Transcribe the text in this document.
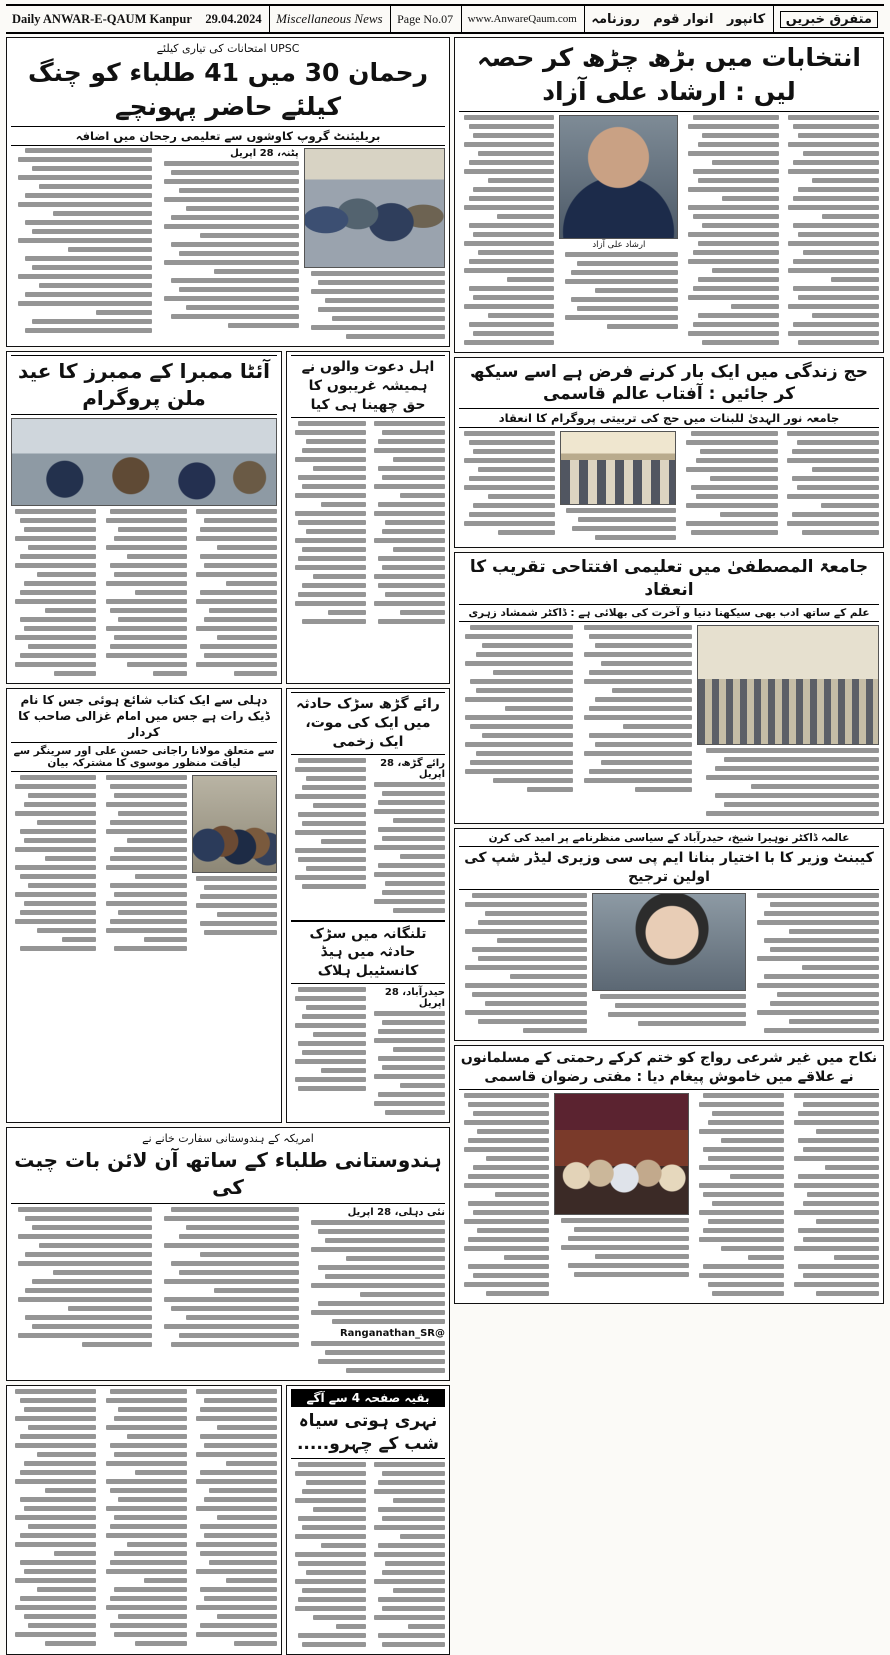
Daily ANWAR-E-QAUM Kanpur	29.04.2024	Miscellaneous News	Page No.07	www.AnwareQaum.com	روزنامہ	انوار قوم	کانپور	متفرق خبریں
UPSC امتحانات کی تیاری کیلئے
رحمان 30 میں 41 طلباء کو چنگ کیلئے حاضر پہونچے
بریلیئنٹ گروپ کاوشوں سے تعلیمی رجحان میں اضافہ
پٹنہ، 28 اپریل
آئٹا ممبرا کے ممبرز کا عید ملن پروگرام
اہل دعوت والوں نے ہمیشہ غریبوں کا حق چھینا ہی کیا
دہلی سے ایک کتاب شائع ہوئی جس کا نام ڈیک رات ہے جس میں امام غزالی صاحب کا کردار
سے متعلق مولانا راجانی حسن علی اور سرینگر سے لیاقت منظور موسوی کا مشترکہ بیان
رائے گڑھ سڑک حادثہ میں ایک کی موت، ایک زخمی
رائے گڑھ، 28 اپریل
تلنگانہ میں سڑک حادثہ میں ہیڈ کانسٹیبل ہلاک
حیدرآباد، 28 اپریل
امریکہ کے ہندوستانی سفارت خانے نے
ہندوستانی طلباء کے ساتھ آن لائن بات چیت کی
نئی دہلی، 28 اپریل
@Ranganathan_SR
بقیہ صفحہ 4 سے آگے
نہری ہوتی سیاہ شب کے چہرو.....
انتخابات میں بڑھ چڑھ کر حصہ لیں : ارشاد علی آزاد
ارشاد علی آزاد
حج زندگی میں ایک بار کرنے فرض ہے اسے سیکھ کر جائیں : آفتاب عالم قاسمی
جامعہ نور الہدیٰ للبنات میں حج کی تربیتی پروگرام کا انعقاد
جامعۃ المصطفیٰ میں تعلیمی افتتاحی تقریب کا انعقاد
علم کے ساتھ ادب بھی سیکھنا دنیا و آخرت کی بھلائی ہے : ڈاکٹر شمشاد زہری
عالمہ ڈاکٹر نوہیرا شیخ، حیدرآباد کے سیاسی منظرنامے پر امید کی کرن
کیبنٹ وزیر کا با اختیار بنانا ایم پی سی وزیری لیڈر شپ کی اولین ترجیح
نکاح میں غیر شرعی رواج کو ختم کرکے رحمتی کے مسلمانوں نے علاقے میں خاموش پیغام دیا : مفتی رضوان قاسمی
